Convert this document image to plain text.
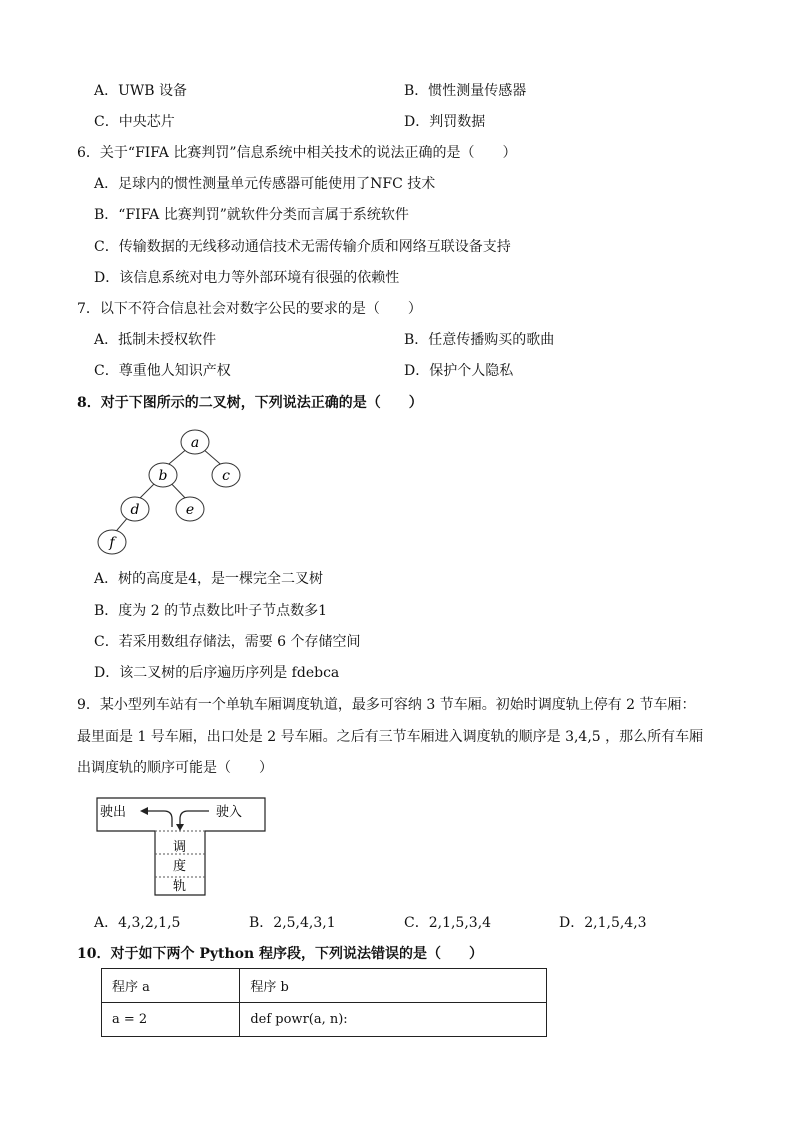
A．UWB 设备	B．惯性测量传感器
C．中央芯片	D．判罚数据
6．关于“FIFA 比赛判罚”信息系统中相关技术的说法正确的是（　　）
A．足球内的惯性测量单元传感器可能使用了NFC 技术
B．“FIFA 比赛判罚”就软件分类而言属于系统软件
C．传输数据的无线移动通信技术无需传输介质和网络互联设备支持
D．该信息系统对电力等外部环境有很强的依赖性
7．以下不符合信息社会对数字公民的要求的是（　　）
A．抵制未授权软件	B．任意传播购买的歌曲
C．尊重他人知识产权	D．保护个人隐私
8．对于下图所示的二叉树，下列说法正确的是（　　）
a
b	c
d	e
f
A．树的高度是4，是一棵完全二叉树
B．度为 2 的节点数比叶子节点数多1
C．若采用数组存储法，需要 6 个存储空间
D．该二叉树的后序遍历序列是 fdebca
9．某小型列车站有一个单轨车厢调度轨道，最多可容纳 3 节车厢。初始时调度轨上停有 2 节车厢：
最里面是 1 号车厢，出口处是 2 号车厢。之后有三节车厢进入调度轨的顺序是 3,4,5 ，那么所有车厢
出调度轨的顺序可能是（　　）
驶出	驶入
调
度
轨
A．4,3,2,1,5	B．2,5,4,3,1	C．2,1,5,3,4	D．2,1,5,4,3
10．对于如下两个 Python 程序段，下列说法错误的是（　　）
程序 a	程序 b
a = 2	def powr(a, n):
